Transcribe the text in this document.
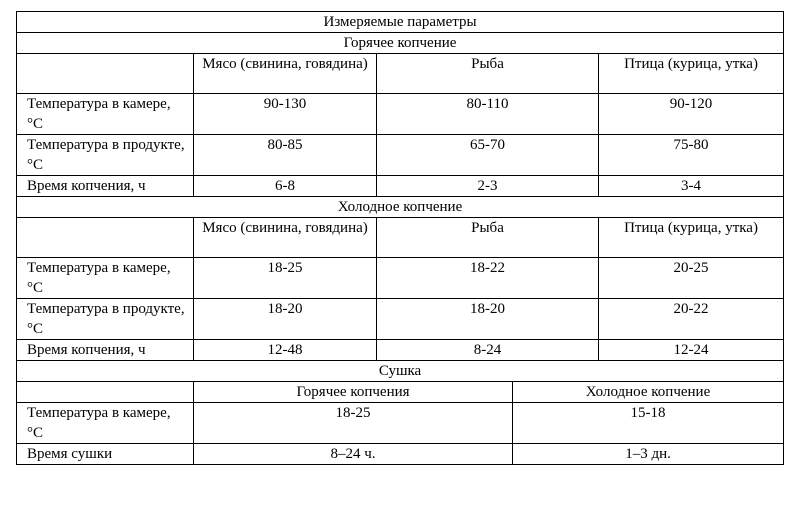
Измеряемые параметры				
Горячее копчение				
	Мясо (свинина, говядина)	Рыба		Птица (курица, утка)
Температура в камере, °С	90-130	80-110		90-120
Температура в продукте, °С	80-85	65-70		75-80
Время копчения, ч	6-8	2-3		3-4
Холодное копчение				
	Мясо (свинина, говядина)	Рыба		Птица (курица, утка)
Температура в камере, °С	18-25	18-22		20-25
Температура в продукте, °С	18-20	18-20		20-22
Время копчения, ч	12-48	8-24		12-24
Сушка				
	Горячее копчения		Холодное копчение	
Температура в камере, °С	18-25		15-18	
Время сушки	8–24 ч.		1–3 дн.	
